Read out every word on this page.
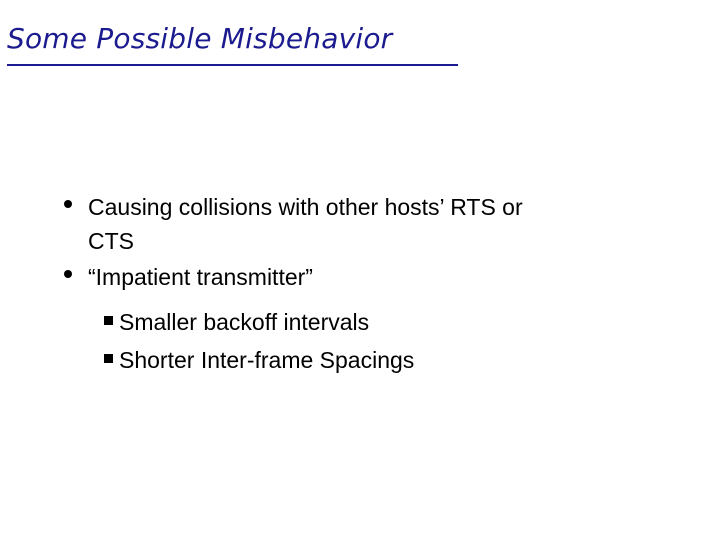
Some Possible Misbehavior
Causing collisions with other hosts’ RTS or
CTS
“Impatient transmitter”
Smaller backoff intervals
Shorter Inter-frame Spacings
